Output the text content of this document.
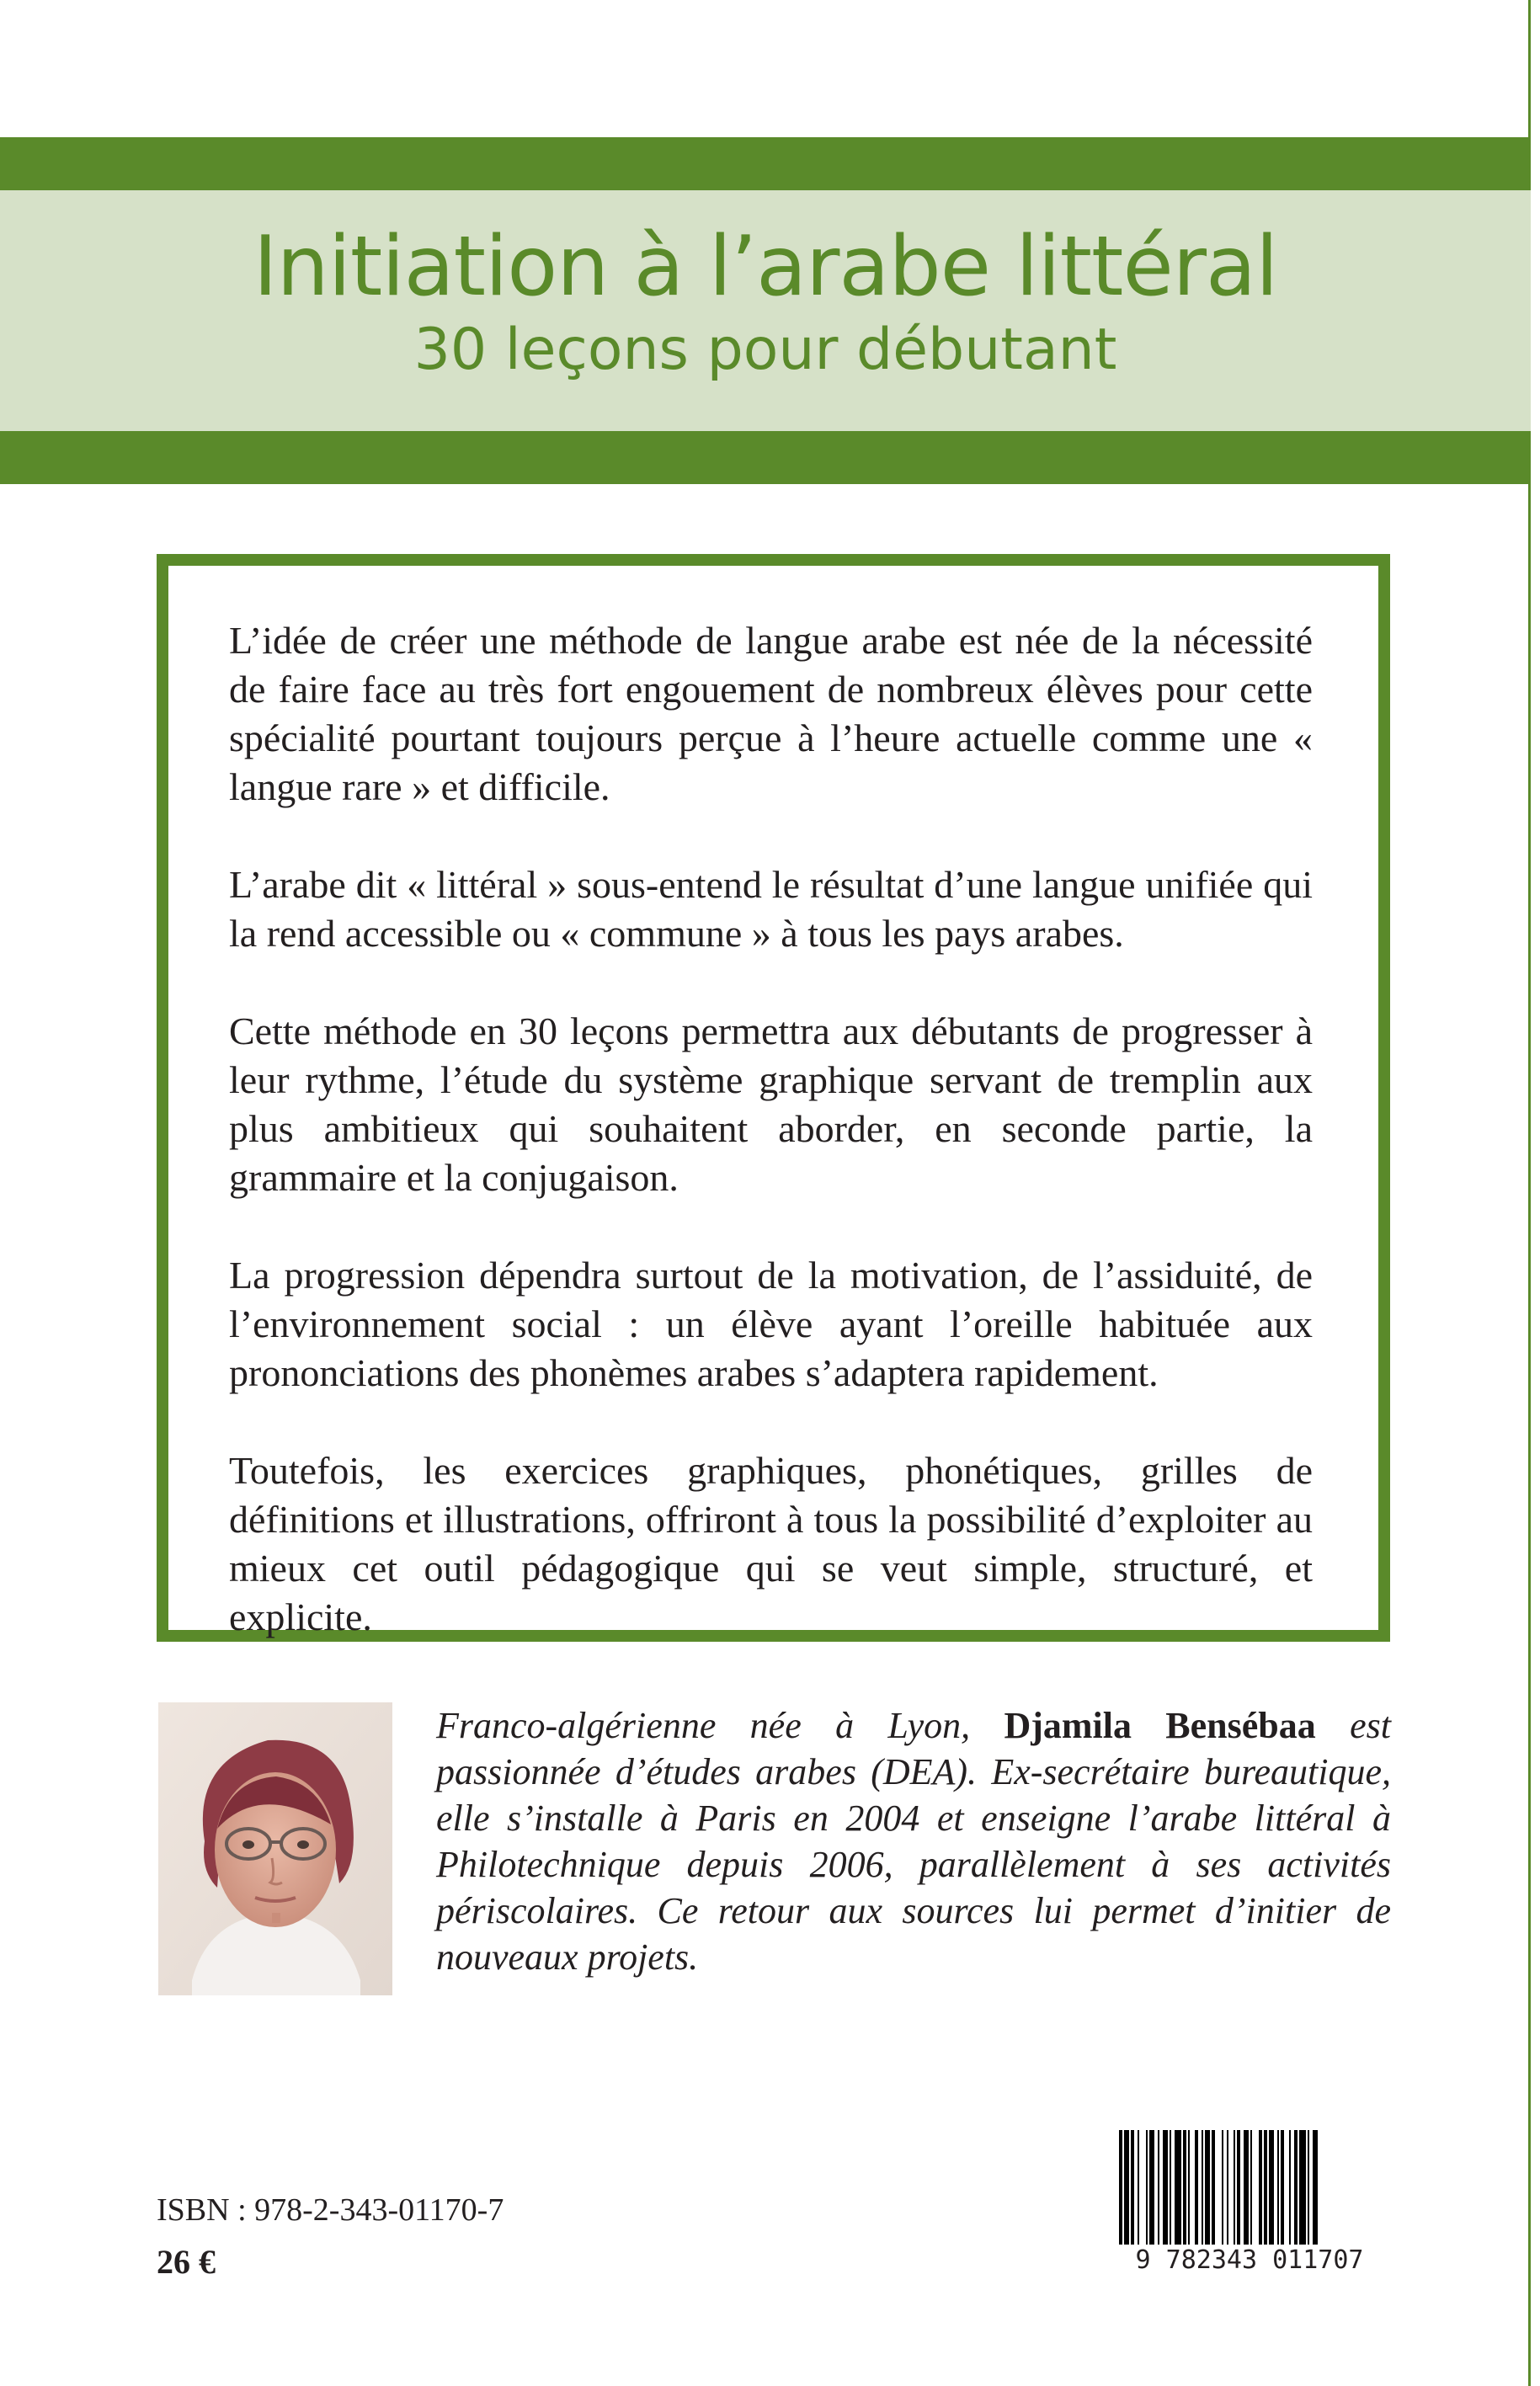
Initiation à l’arabe littéral
30 leçons pour débutant

L’idée de créer une méthode de langue arabe est née de la nécessité de faire face au très fort engouement de nombreux élèves pour cette spécialité pourtant toujours perçue à l’heure actuelle comme une « langue rare » et difficile.

L’arabe dit « littéral » sous-entend le résultat d’une langue unifiée qui la rend accessible ou « commune » à tous les pays arabes.

Cette méthode en 30 leçons permettra aux débutants de progresser à leur rythme, l’étude du système graphique servant de tremplin aux plus ambitieux qui souhaitent aborder, en seconde partie, la grammaire et la conjugaison.

La progression dépendra surtout de la motivation, de l’assiduité, de l’environnement social : un élève ayant l’oreille habituée aux prononciations des phonèmes arabes s’adaptera rapidement.

Toutefois, les exercices graphiques, phonétiques, grilles de définitions et illustrations, offriront à tous la possibilité d’exploiter au mieux cet outil pédagogique qui se veut simple, structuré, et explicite.

Franco-algérienne née à Lyon, Djamila Bensébaa est passionnée d’études arabes (DEA). Ex-secrétaire bureautique, elle s’installe à Paris en 2004 et enseigne l’arabe littéral à Philotechnique depuis 2006, parallèlement à ses activités périscolaires. Ce retour aux sources lui permet d’initier de nouveaux projets.
ISBN : 978-2-343-01170-7
26 €	9 782343 011707
